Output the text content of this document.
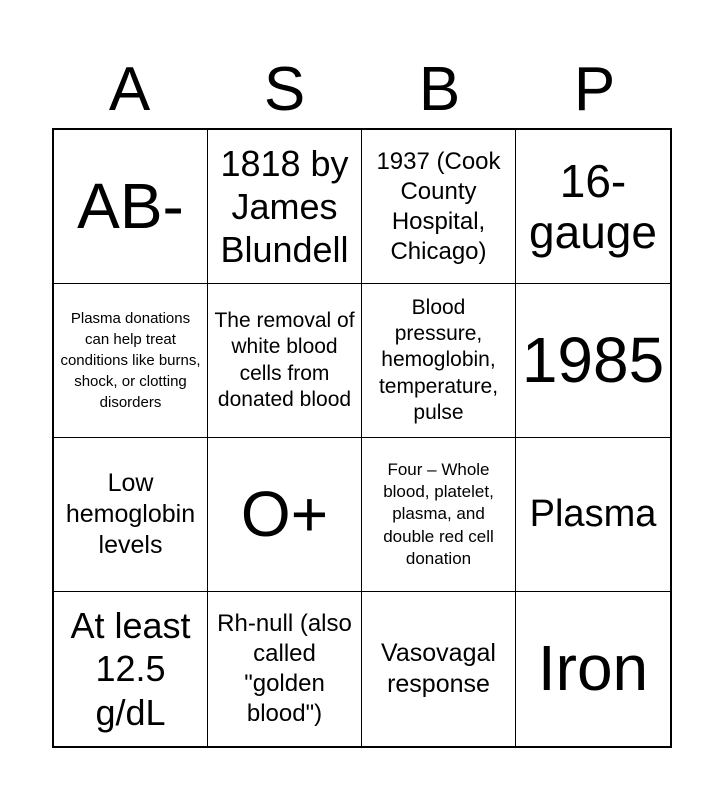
A	S	B	P
AB-
1818 by James Blundell
1937 (Cook County Hospital, Chicago)
16-gauge
Plasma donations can help treat conditions like burns, shock, or clotting disorders
The removal of white blood cells from donated blood
Blood pressure, hemoglobin, temperature, pulse
1985
Low hemoglobin levels	O+
Four – Whole blood, platelet, plasma, and double red cell donation
Plasma
At least 12.5 g/dL
Rh-null (also called "golden blood")
Vasovagal response Iron
